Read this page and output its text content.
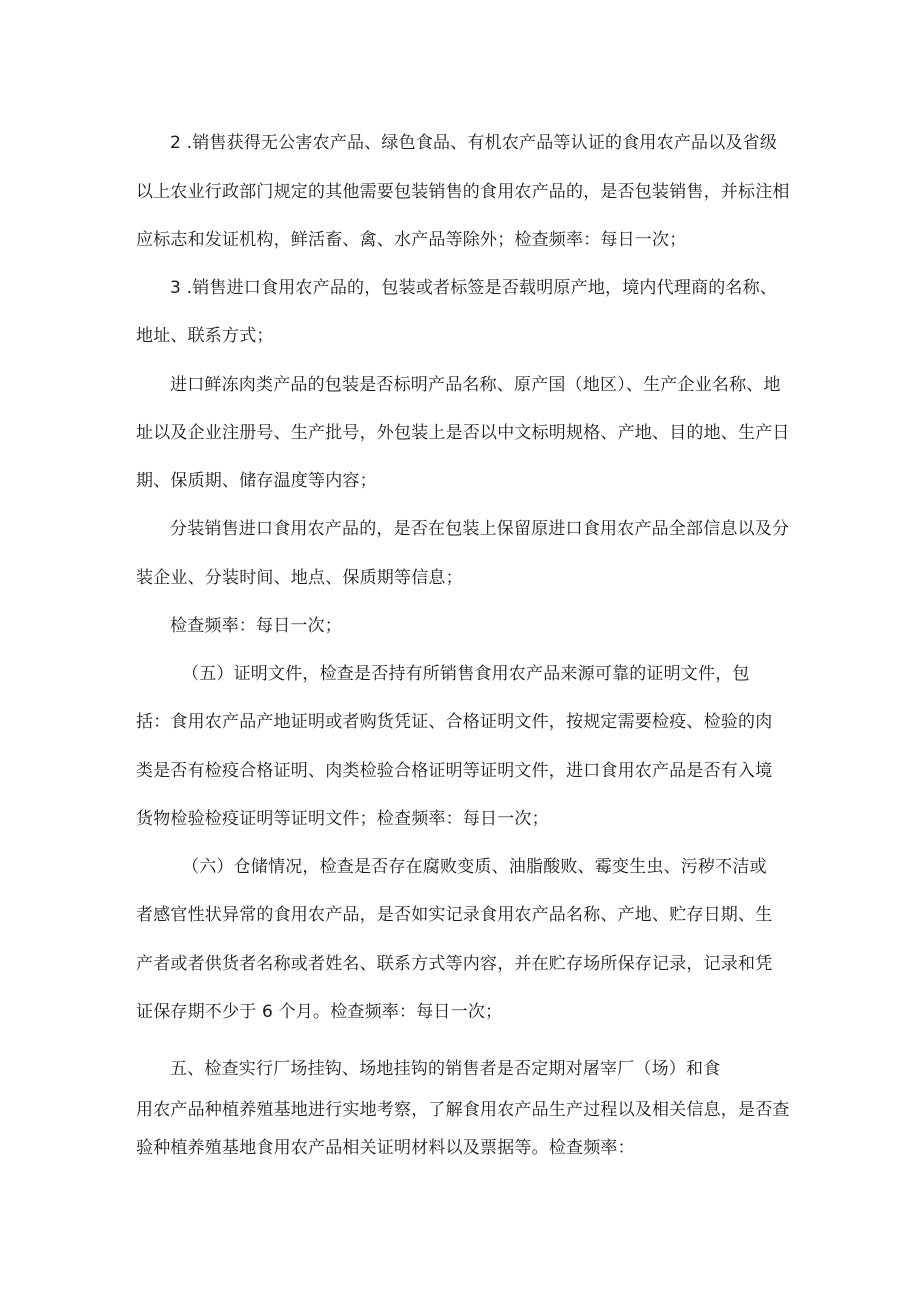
2 .销售获得无公害农产品、绿色食品、有机农产品等认证的食用农产品以及省级
以上农业行政部门规定的其他需要包装销售的食用农产品的，是否包装销售，并标注相
应标志和发证机构，鲜活畜、禽、水产品等除外；检查频率：每日一次；
3 .销售进口食用农产品的，包装或者标签是否载明原产地，境内代理商的名称、
地址、联系方式；
进口鲜冻肉类产品的包装是否标明产品名称、原产国（地区）、生产企业名称、地
址以及企业注册号、生产批号，外包装上是否以中文标明规格、产地、目的地、生产日
期、保质期、储存温度等内容；
分装销售进口食用农产品的，是否在包装上保留原进口食用农产品全部信息以及分
装企业、分装时间、地点、保质期等信息；
检查频率：每日一次；
（五）证明文件，检查是否持有所销售食用农产品来源可靠的证明文件，包
括：食用农产品产地证明或者购货凭证、合格证明文件，按规定需要检疫、检验的肉
类是否有检疫合格证明、肉类检验合格证明等证明文件，进口食用农产品是否有入境
货物检验检疫证明等证明文件；检查频率：每日一次；
（六）仓储情况，检查是否存在腐败变质、油脂酸败、霉变生虫、污秽不洁或
者感官性状异常的食用农产品，是否如实记录食用农产品名称、产地、贮存日期、生
产者或者供货者名称或者姓名、联系方式等内容，并在贮存场所保存记录，记录和凭
证保存期不少于 6 个月。检查频率：每日一次；
五、检查实行厂场挂钩、场地挂钩的销售者是否定期对屠宰厂（场）和食
用农产品种植养殖基地进行实地考察，了解食用农产品生产过程以及相关信息，是否查
验种植养殖基地食用农产品相关证明材料以及票据等。检查频率：
